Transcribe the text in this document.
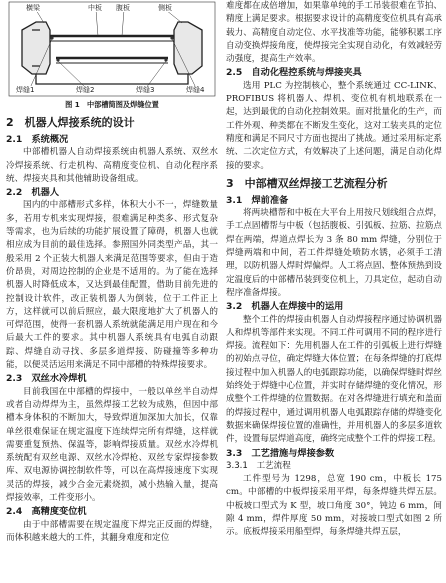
横梁	中板 腹板	侧板
焊缝1	焊缝2	焊缝3	焊缝4
图 1　中部槽简图及焊缝位置
2　机器人焊接系统的设计
2.1　系统概况

中部槽机器人自动焊接系统由机器人系统、双丝水冷焊接系统、行走机构、高精度变位机、自动化程序系统、焊接夹具和其他辅助设备组成。

2.2　机器人

国内的中部槽形式多样，体积大小不一，焊缝数量多，若用专机来实现焊接，很难满足种类多、形式复杂等需求，也为后续的功能扩展设置了障碍，机器人也就相应成为目前的最佳选择。参照国外同类型产品，其一般采用 2 个正装大机器人来满足范围等要求，但由于造价昂贵，对周边控制的企业是不适用的。为了能在选择机器人时降低成本，又达到最佳配置，借助目前先进的控制设计软件，改正装机器人为倒装，位于工件正上方，这样就可以前后照应，最大限度地扩大了机器人的可焊范围，使得一套机器人系统就能满足用户现在和今后最大工件的要求。其中机器人系统具有电弧自动跟踪、焊缝自动寻找、多层多道焊接、防碰撞等多种功能，以便灵活运用来满足不同中部槽的特殊焊接要求。

2.3　双丝水冷焊机

目前我国在中部槽的焊接中，一般以单丝半自动焊或者自动焊焊为主，虽然焊接工艺较为成熟，但因中部槽本身体积的不断加大，导致焊道加深加大加长，仅靠单丝很难保证在规定温度下连续焊完所有焊缝，这样就需要重复预热、保温等，影响焊接质量。双丝水冷焊机系统配有双丝电源、双丝水冷焊枪、双丝专家焊接参数库、双电源协调控制软件等，可以在高焊接速度下实现灵活的焊接，减少合金元素烧损，减小热输入量，提高焊接效率，工件变形小。

2.4　高精度变位机

由于中部槽需要在规定温度下焊完正反面的焊缝，而体积越来越大的工件，其翻身难度和定位

难度都在成倍增加，如果靠单纯的手工吊装很难在节拍、精度上满足要求。根据要求设计的高精度变位机具有高承载力、高精度自动定位、水平找准等功能，能够积累工序自动变换焊接角度，使焊接完全实现自动化，有效减轻劳动强度，提高生产效率。

2.5　自动化程控系统与焊接夹具

选用 PLC 为控制核心，整个系统通过 CC-LINK、PROFIBUS 将机器人、焊机、变位机有机地联系在一起，达到最优的自动化控制效果。面对批量化的生产，而工件外观、种类都在不断发生变化，这对工装夹具的定位精度和满足不同尺寸方面也提出了挑战。通过采用标定系统、二次定位方式，有效解决了上述问题，满足自动化焊接的要求。

3　中部槽双丝焊接工艺流程分析
3.1　焊前准备

将两块槽帮和中板在大平台上用按尺划线组合点焊，手工点固槽帮与中板（包括腹板、引弧板、拉筋、拉筋点焊在两端，焊道点焊长为 3 条 80 mm 焊缝，分别位于焊缝两端和中间，若工件焊缝处喷防水锈，必须手工清理，以防机器人焊时焊偏焊。人工将点固、整体预热到设定温度后的中部槽吊装到变位机上，刀具定位，起动自动程序准备焊接。

3.2　机器人在焊接中的运用

整个工件的焊接由机器人自动焊接程序通过协调机器人和焊机等部件来实现。不同工件可调用不同的程序进行焊接。流程如下：先用机器人在工件的引弧板上进行焊缝的初始点寻位，确定焊缝大体位置；在每条焊缝的打底焊接过程中加入机器人的电弧跟踪功能，以确保焊缝时焊丝始终处于焊缝中心位置，并实时存储焊缝的变化情况，形成整个工件焊缝的位置数据。在对各焊缝进行填充和盖面的焊接过程中，通过调用机器人电弧跟踪存储的焊缝变化数据来确保焊接位置的准确性，并用机器人的多层多道软件，设置每层焊道高度，确终完成整个工件的焊接工程。

3.3　工艺措施与焊接参数
3.3.1　工艺流程

工件型号为 1298，总宽 190 cm，中板长 175 cm。中部槽的中板焊接采用平焊，每条焊缝共焊五层。中板坡口型式为 K 型，坡口角度 30°，钝边 6 mm，间隙 4 mm，焊件厚度 50 mm，对接坡口型式如图 2 所示。底板焊接采用船型焊，每条焊缝共焊五层，
